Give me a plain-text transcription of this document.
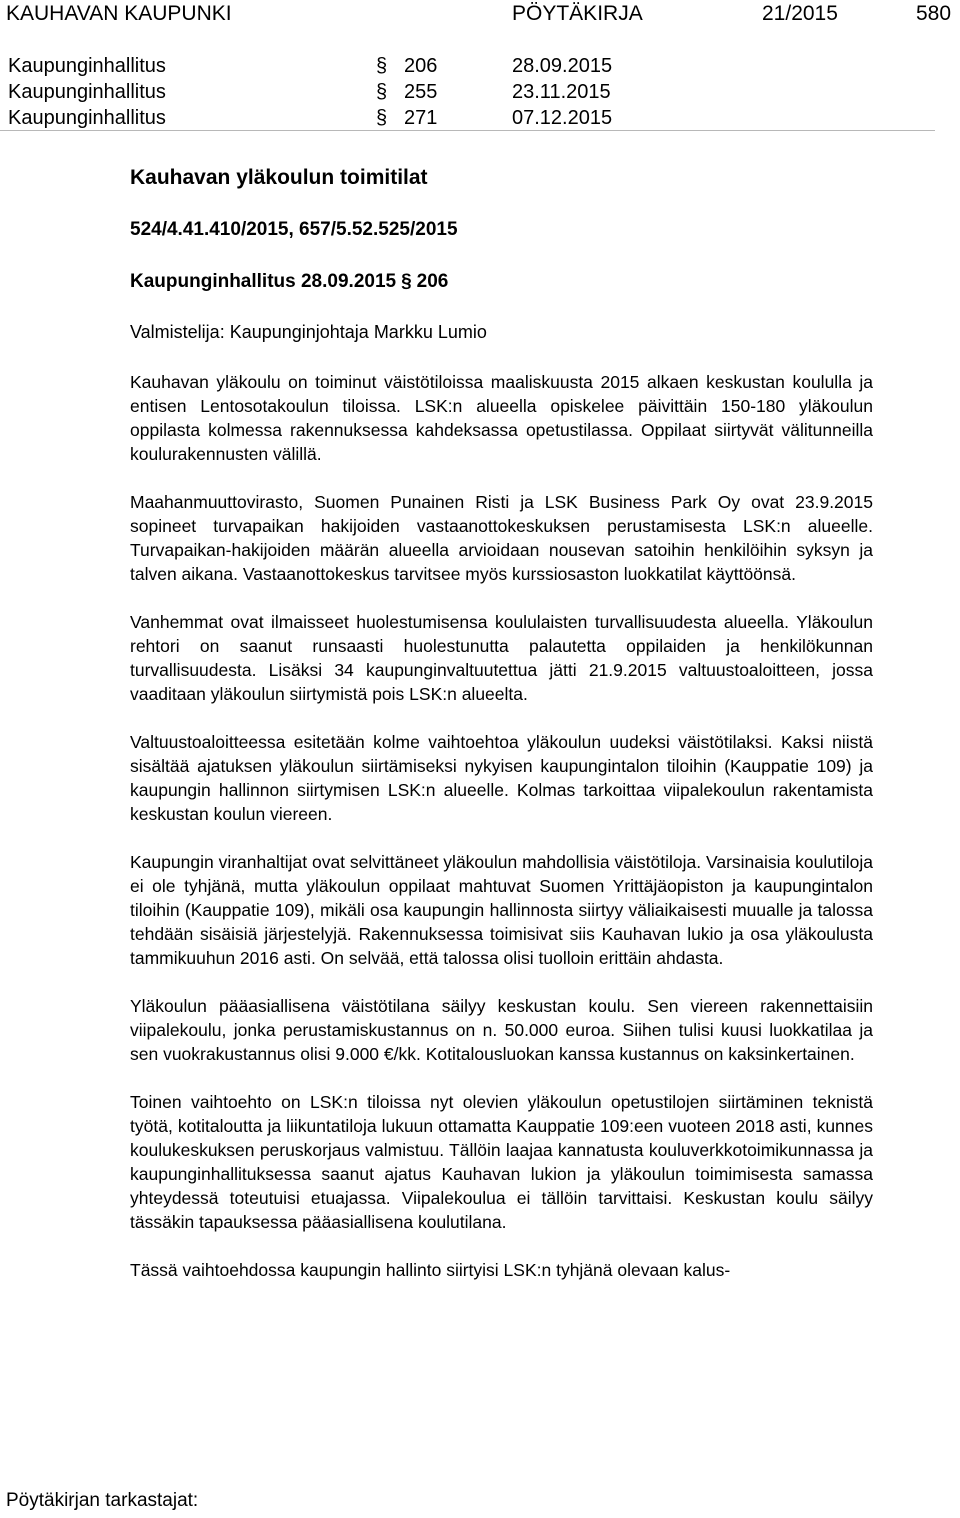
KAUHAVAN KAUPUNKI	PÖYTÄKIRJA	21/2015	580
Kaupunginhallitus	§ 206	28.09.2015
Kaupunginhallitus	§ 255	23.11.2015
Kaupunginhallitus	§ 271	07.12.2015
Kauhavan yläkoulun toimitilat
524/4.41.410/2015, 657/5.52.525/2015
Kaupunginhallitus 28.09.2015 § 206
Valmistelija: Kaupunginjohtaja Markku Lumio

Kauhavan yläkoulu on toiminut väistötiloissa maaliskuusta 2015 alkaen keskustan koululla ja entisen Lentosotakoulun tiloissa. LSK:n alueella opiskelee päivittäin 150-180 yläkoulun oppilasta kolmessa rakennuksessa kahdeksassa opetustilassa. Oppilaat siirtyvät välitunneilla koulurakennusten välillä.

Maahanmuuttovirasto, Suomen Punainen Risti ja LSK Business Park Oy ovat 23.9.2015 sopineet turvapaikan hakijoiden vastaanottokeskuksen perustamisesta LSK:n alueelle. Turvapaikan-hakijoiden määrän alueella arvioidaan nousevan satoihin henkilöihin syksyn ja talven aikana. Vastaanottokeskus tarvitsee myös kurssiosaston luokkatilat käyttöönsä.

Vanhemmat ovat ilmaisseet huolestumisensa koululaisten turvallisuudesta alueella. Yläkoulun rehtori on saanut runsaasti huolestunutta palautetta oppilaiden ja henkilökunnan turvallisuudesta. Lisäksi 34 kaupunginvaltuutettua jätti 21.9.2015 valtuustoaloitteen, jossa vaaditaan yläkoulun siirtymistä pois LSK:n alueelta.

Valtuustoaloitteessa esitetään kolme vaihtoehtoa yläkoulun uudeksi väistötilaksi. Kaksi niistä sisältää ajatuksen yläkoulun siirtämiseksi nykyisen kaupungintalon tiloihin (Kauppatie 109) ja kaupungin hallinnon siirtymisen LSK:n alueelle. Kolmas tarkoittaa viipalekoulun rakentamista keskustan koulun viereen.

Kaupungin viranhaltijat ovat selvittäneet yläkoulun mahdollisia väistötiloja. Varsinaisia koulutiloja ei ole tyhjänä, mutta yläkoulun oppilaat mahtuvat Suomen Yrittäjäopiston ja kaupungintalon tiloihin (Kauppatie 109), mikäli osa kaupungin hallinnosta siirtyy väliaikaisesti muualle ja talossa tehdään sisäisiä järjestelyjä. Rakennuksessa toimisivat siis Kauhavan lukio ja osa yläkoulusta tammikuuhun 2016 asti. On selvää, että talossa olisi tuolloin erittäin ahdasta.

Yläkoulun pääasiallisena väistötilana säilyy keskustan koulu. Sen viereen rakennettaisiin viipalekoulu, jonka perustamiskustannus on n. 50.000 euroa. Siihen tulisi kuusi luokkatilaa ja sen vuokrakustannus olisi 9.000 €/kk. Kotitalousluokan kanssa kustannus on kaksinkertainen.

Toinen vaihtoehto on LSK:n tiloissa nyt olevien yläkoulun opetustilojen siirtäminen teknistä työtä, kotitaloutta ja liikuntatiloja lukuun ottamatta Kauppatie 109:een vuoteen 2018 asti, kunnes koulukeskuksen peruskorjaus valmistuu. Tällöin laajaa kannatusta kouluverkkotoimikunnassa ja kaupunginhallituksessa saanut ajatus Kauhavan lukion ja yläkoulun toimimisesta samassa yhteydessä toteutuisi etuajassa. Viipalekoulua ei tällöin tarvittaisi. Keskustan koulu säilyy tässäkin tapauksessa pääasiallisena koulutilana.

Tässä vaihtoehdossa kaupungin hallinto siirtyisi LSK:n tyhjänä olevaan kalus-

Pöytäkirjan tarkastajat:
